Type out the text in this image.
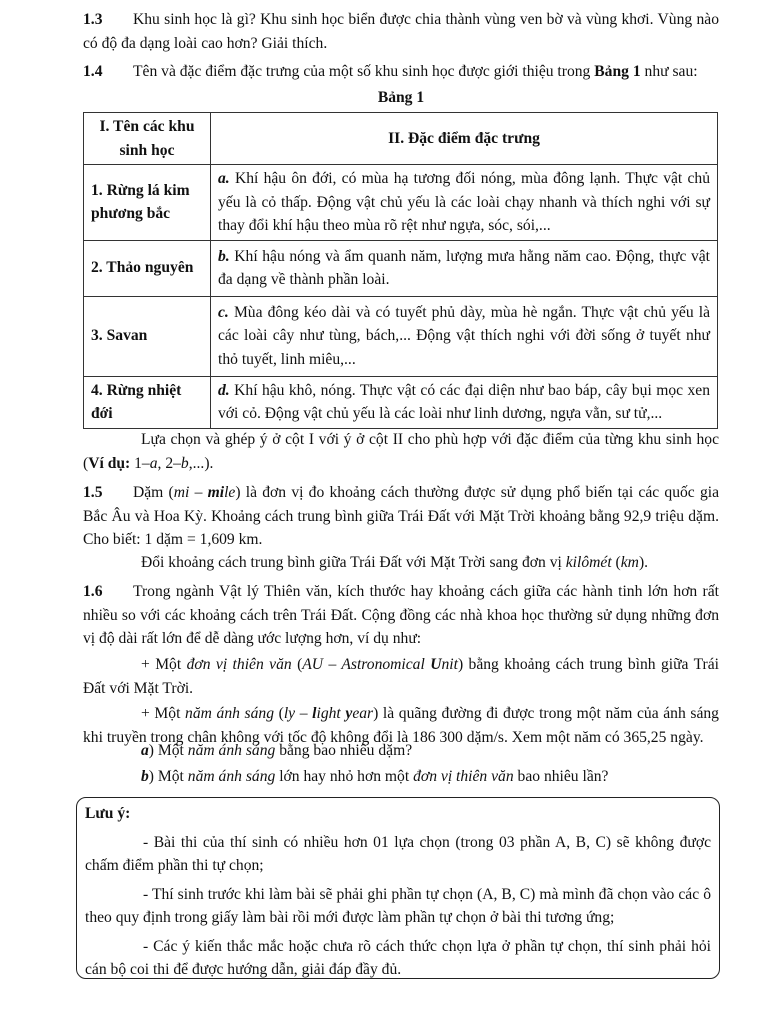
1.3 Khu sinh học là gì? Khu sinh học biển được chia thành vùng ven bờ và vùng khơi. Vùng nào có độ đa dạng loài cao hơn? Giải thích.
1.4 Tên và đặc điểm đặc trưng của một số khu sinh học được giới thiệu trong Bảng 1 như sau:
Bảng 1
I. Tên các khu sinh học	II. Đặc điểm đặc trưng
1. Rừng lá kim phương bắc	a. Khí hậu ôn đới, có mùa hạ tương đối nóng, mùa đông lạnh. Thực vật chủ yếu là cỏ thấp. Động vật chủ yếu là các loài chạy nhanh và thích nghi với sự thay đổi khí hậu theo mùa rõ rệt như ngựa, sóc, sói,...
2. Thảo nguyên	b. Khí hậu nóng và ẩm quanh năm, lượng mưa hằng năm cao. Động, thực vật đa dạng về thành phần loài.
3. Savan	c. Mùa đông kéo dài và có tuyết phủ dày, mùa hè ngắn. Thực vật chủ yếu là các loài cây như tùng, bách,... Động vật thích nghi với đời sống ở tuyết như thỏ tuyết, linh miêu,...
4. Rừng nhiệt đới	d. Khí hậu khô, nóng. Thực vật có các đại diện như bao báp, cây bụi mọc xen với cỏ. Động vật chủ yếu là các loài như linh dương, ngựa vằn, sư tử,...
Lựa chọn và ghép ý ở cột I với ý ở cột II cho phù hợp với đặc điểm của từng khu sinh học (Ví dụ: 1–a, 2–b,...).
1.5 Dặm (mi – mile) là đơn vị đo khoảng cách thường được sử dụng phổ biến tại các quốc gia Bắc Âu và Hoa Kỳ. Khoảng cách trung bình giữa Trái Đất với Mặt Trời khoảng bằng 92,9 triệu dặm. Cho biết: 1 dặm = 1,609 km.
Đổi khoảng cách trung bình giữa Trái Đất với Mặt Trời sang đơn vị kilômét (km).
1.6 Trong ngành Vật lý Thiên văn, kích thước hay khoảng cách giữa các hành tinh lớn hơn rất nhiều so với các khoảng cách trên Trái Đất. Cộng đồng các nhà khoa học thường sử dụng những đơn vị độ dài rất lớn để dễ dàng ước lượng hơn, ví dụ như:
+ Một đơn vị thiên văn (AU – Astronomical Unit) bằng khoảng cách trung bình giữa Trái Đất với Mặt Trời.
+ Một năm ánh sáng (ly – light year) là quãng đường đi được trong một năm của ánh sáng khi truyền trong chân không với tốc độ không đổi là 186 300 dặm/s. Xem một năm có 365,25 ngày.
a) Một năm ánh sáng bằng bao nhiêu dặm?
b) Một năm ánh sáng lớn hay nhỏ hơn một đơn vị thiên văn bao nhiêu lần?
Lưu ý:
- Bài thi của thí sinh có nhiều hơn 01 lựa chọn (trong 03 phần A, B, C) sẽ không được chấm điểm phần thi tự chọn;
- Thí sinh trước khi làm bài sẽ phải ghi phần tự chọn (A, B, C) mà mình đã chọn vào các ô theo quy định trong giấy làm bài rồi mới được làm phần tự chọn ở bài thi tương ứng;
- Các ý kiến thắc mắc hoặc chưa rõ cách thức chọn lựa ở phần tự chọn, thí sinh phải hỏi cán bộ coi thi để được hướng dẫn, giải đáp đầy đủ.
